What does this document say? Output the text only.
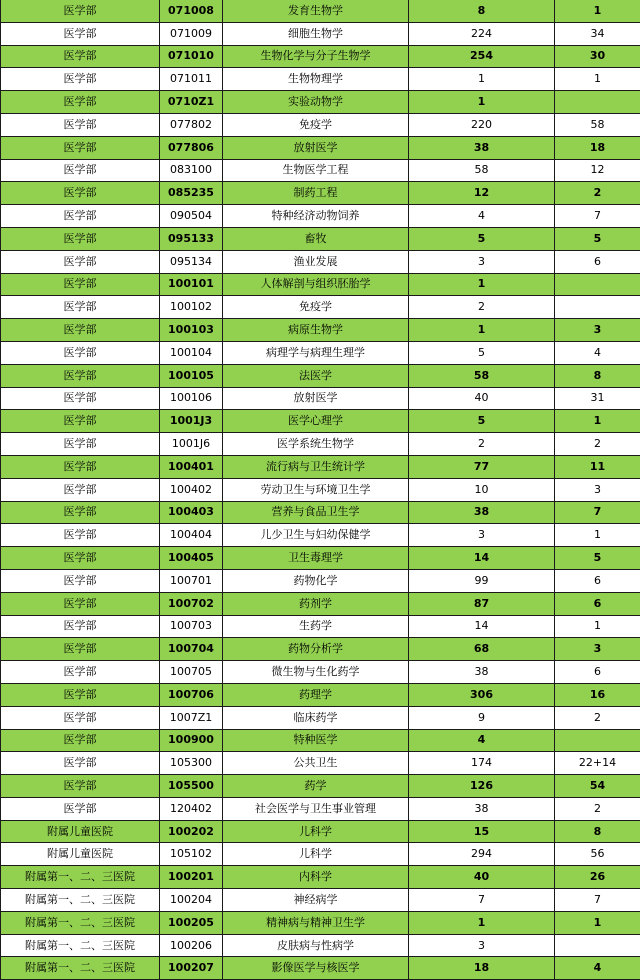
医学部	071008	发育生物学	8	1
医学部	071009	细胞生物学	224	34
医学部	071010	生物化学与分子生物学	254	30
医学部	071011	生物物理学	1	1
医学部	0710Z1	实验动物学	1	
医学部	077802	免疫学	220	58
医学部	077806	放射医学	38	18
医学部	083100	生物医学工程	58	12
医学部	085235	制药工程	12	2
医学部	090504	特种经济动物饲养	4	7
医学部	095133	畜牧	5	5
医学部	095134	渔业发展	3	6
医学部	100101	人体解剖与组织胚胎学	1	
医学部	100102	免疫学	2	
医学部	100103	病原生物学	1	3
医学部	100104	病理学与病理生理学	5	4
医学部	100105	法医学	58	8
医学部	100106	放射医学	40	31
医学部	1001J3	医学心理学	5	1
医学部	1001J6	医学系统生物学	2	2
医学部	100401	流行病与卫生统计学	77	11
医学部	100402	劳动卫生与环境卫生学	10	3
医学部	100403	营养与食品卫生学	38	7
医学部	100404	儿少卫生与妇幼保健学	3	1
医学部	100405	卫生毒理学	14	5
医学部	100701	药物化学	99	6
医学部	100702	药剂学	87	6
医学部	100703	生药学	14	1
医学部	100704	药物分析学	68	3
医学部	100705	微生物与生化药学	38	6
医学部	100706	药理学	306	16
医学部	1007Z1	临床药学	9	2
医学部	100900	特种医学	4	
医学部	105300	公共卫生	174	22+14
医学部	105500	药学	126	54
医学部	120402	社会医学与卫生事业管理	38	2
附属儿童医院	100202	儿科学	15	8
附属儿童医院	105102	儿科学	294	56
附属第一、二、三医院	100201	内科学	40	26
附属第一、二、三医院	100204	神经病学	7	7
附属第一、二、三医院	100205	精神病与精神卫生学	1	1
附属第一、二、三医院	100206	皮肤病与性病学	3	
附属第一、二、三医院	100207	影像医学与核医学	18	4
